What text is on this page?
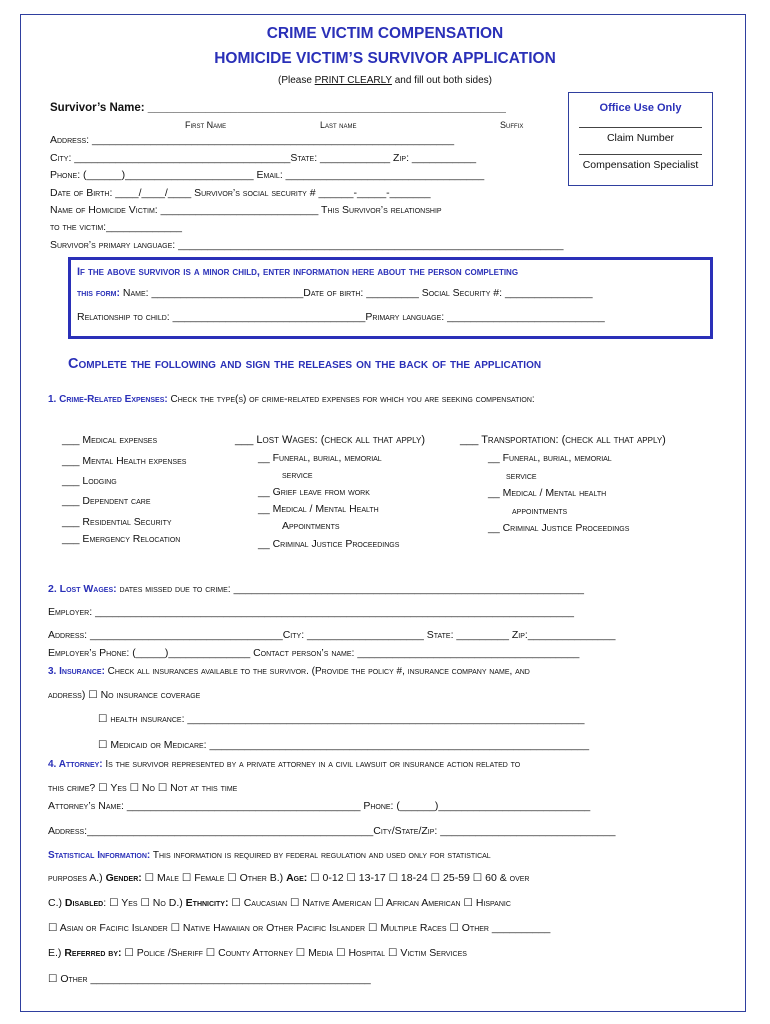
CRIME VICTIM COMPENSATION
HOMICIDE VICTIM’S SURVIVOR APPLICATION
(Please PRINT CLEARLY and fill out both sides)
Office Use Only
Claim Number
Compensation Specialist
Survivor’s Name: ________________________________________________________
First Name	Last name	Suffix
Address: ______________________________________________________________
City: _____________________________________State: ____________ Zip: ___________
Phone: (______)______________________ Email: __________________________________
Date of Birth: ____/____/____ Survivor’s social security # ______-_____-_______
Name of Homicide Victim: ___________________________ This Survivor’s relationship
to the victim:_____________
Survivor’s primary language: __________________________________________________________________
If the above survivor is a minor child, enter information here about the person completing
this form: Name: __________________________Date of birth: _________ Social Security #: _______________
Relationship to child: _________________________________Primary language: ___________________________
Complete the following and sign the releases on the back of the application
1. Crime-Related Expenses: Check the type(s) of crime-related expenses for which you are seeking compensation:
___ Medical expenses
___ Mental Health expenses
___ Lodging
___ Dependent care
___ Residential Security
___ Emergency Relocation
___ Lost Wages: (check all that apply)
__ Funeral, burial, memorial
service
__ Grief leave from work
__ Medical / Mental Health
Appointments
__ Criminal Justice Proceedings
___ Transportation: (check all that apply)
__ Funeral, burial, memorial
service
__ Medical / Mental health
appointments
__ Criminal Justice Proceedings
2. Lost Wages: dates missed due to crime: ____________________________________________________________
Employer: __________________________________________________________________________________
Address: _________________________________City: ____________________ State: _________ Zip:_______________
Employer’s Phone: (_____)______________ Contact person’s name: ______________________________________
3. Insurance: Check all insurances available to the survivor. (Provide the policy #, insurance company name, and
address) ☐ No insurance coverage
☐ health insurance: ____________________________________________________________________
☐ Medicaid or Medicare: _________________________________________________________________
4. Attorney: Is the survivor represented by a private attorney in a civil lawsuit or insurance action related to
this crime? ☐ Yes ☐ No ☐ Not at this time
Attorney’s Name: ________________________________________ Phone: (______)__________________________
Address:_________________________________________________City/State/Zip: ______________________________
Statistical Information: This information is required by federal regulation and used only for statistical
purposes A.) Gender: ☐ Male ☐ Female ☐ Other B.) Age: ☐ 0-12 ☐ 13-17 ☐ 18-24 ☐ 25-59 ☐ 60 & over
C.) Disabled: ☐ Yes ☐ No D.) Ethnicity: ☐ Caucasian ☐ Native American ☐ African American ☐ Hispanic
☐ Asian or Facific Islander ☐ Native Hawaiian or Other Pacific Islander ☐ Multiple Races ☐ Other __________
E.) Referred by: ☐ Police /Sheriff ☐ County Attorney ☐ Media ☐ Hospital ☐ Victim Services
☐ Other ________________________________________________
